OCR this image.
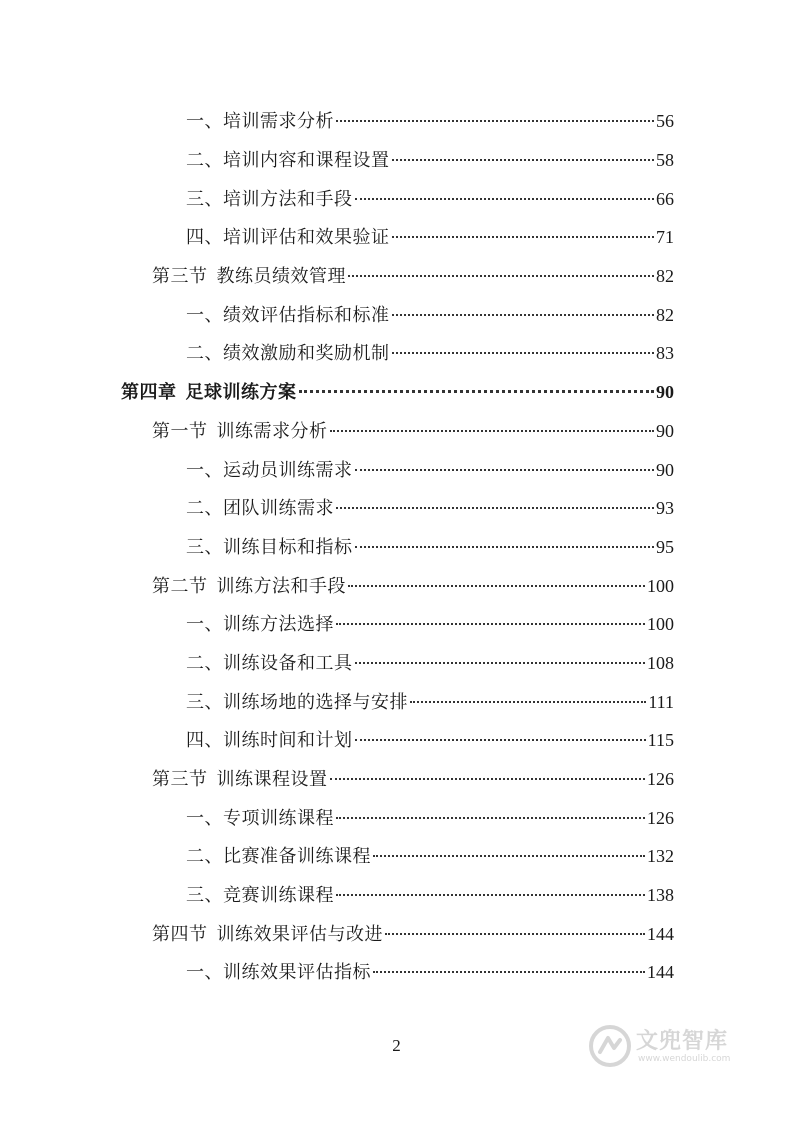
一、培训需求分析	56
二、培训内容和课程设置	58
三、培训方法和手段	66
四、培训评估和效果验证	71
第三节 教练员绩效管理	82
一、绩效评估指标和标准	82
二、绩效激励和奖励机制	83
第四章 足球训练方案	90
第一节 训练需求分析	90
一、运动员训练需求	90
二、团队训练需求	93
三、训练目标和指标	95
第二节 训练方法和手段	100
一、训练方法选择	100
二、训练设备和工具	108
三、训练场地的选择与安排	111
四、训练时间和计划	115
第三节 训练课程设置	126
一、专项训练课程	126
二、比赛准备训练课程	132
三、竞赛训练课程	138
第四节 训练效果评估与改进	144
一、训练效果评估指标	144
2	文兜智库
www.wendoulib.com
